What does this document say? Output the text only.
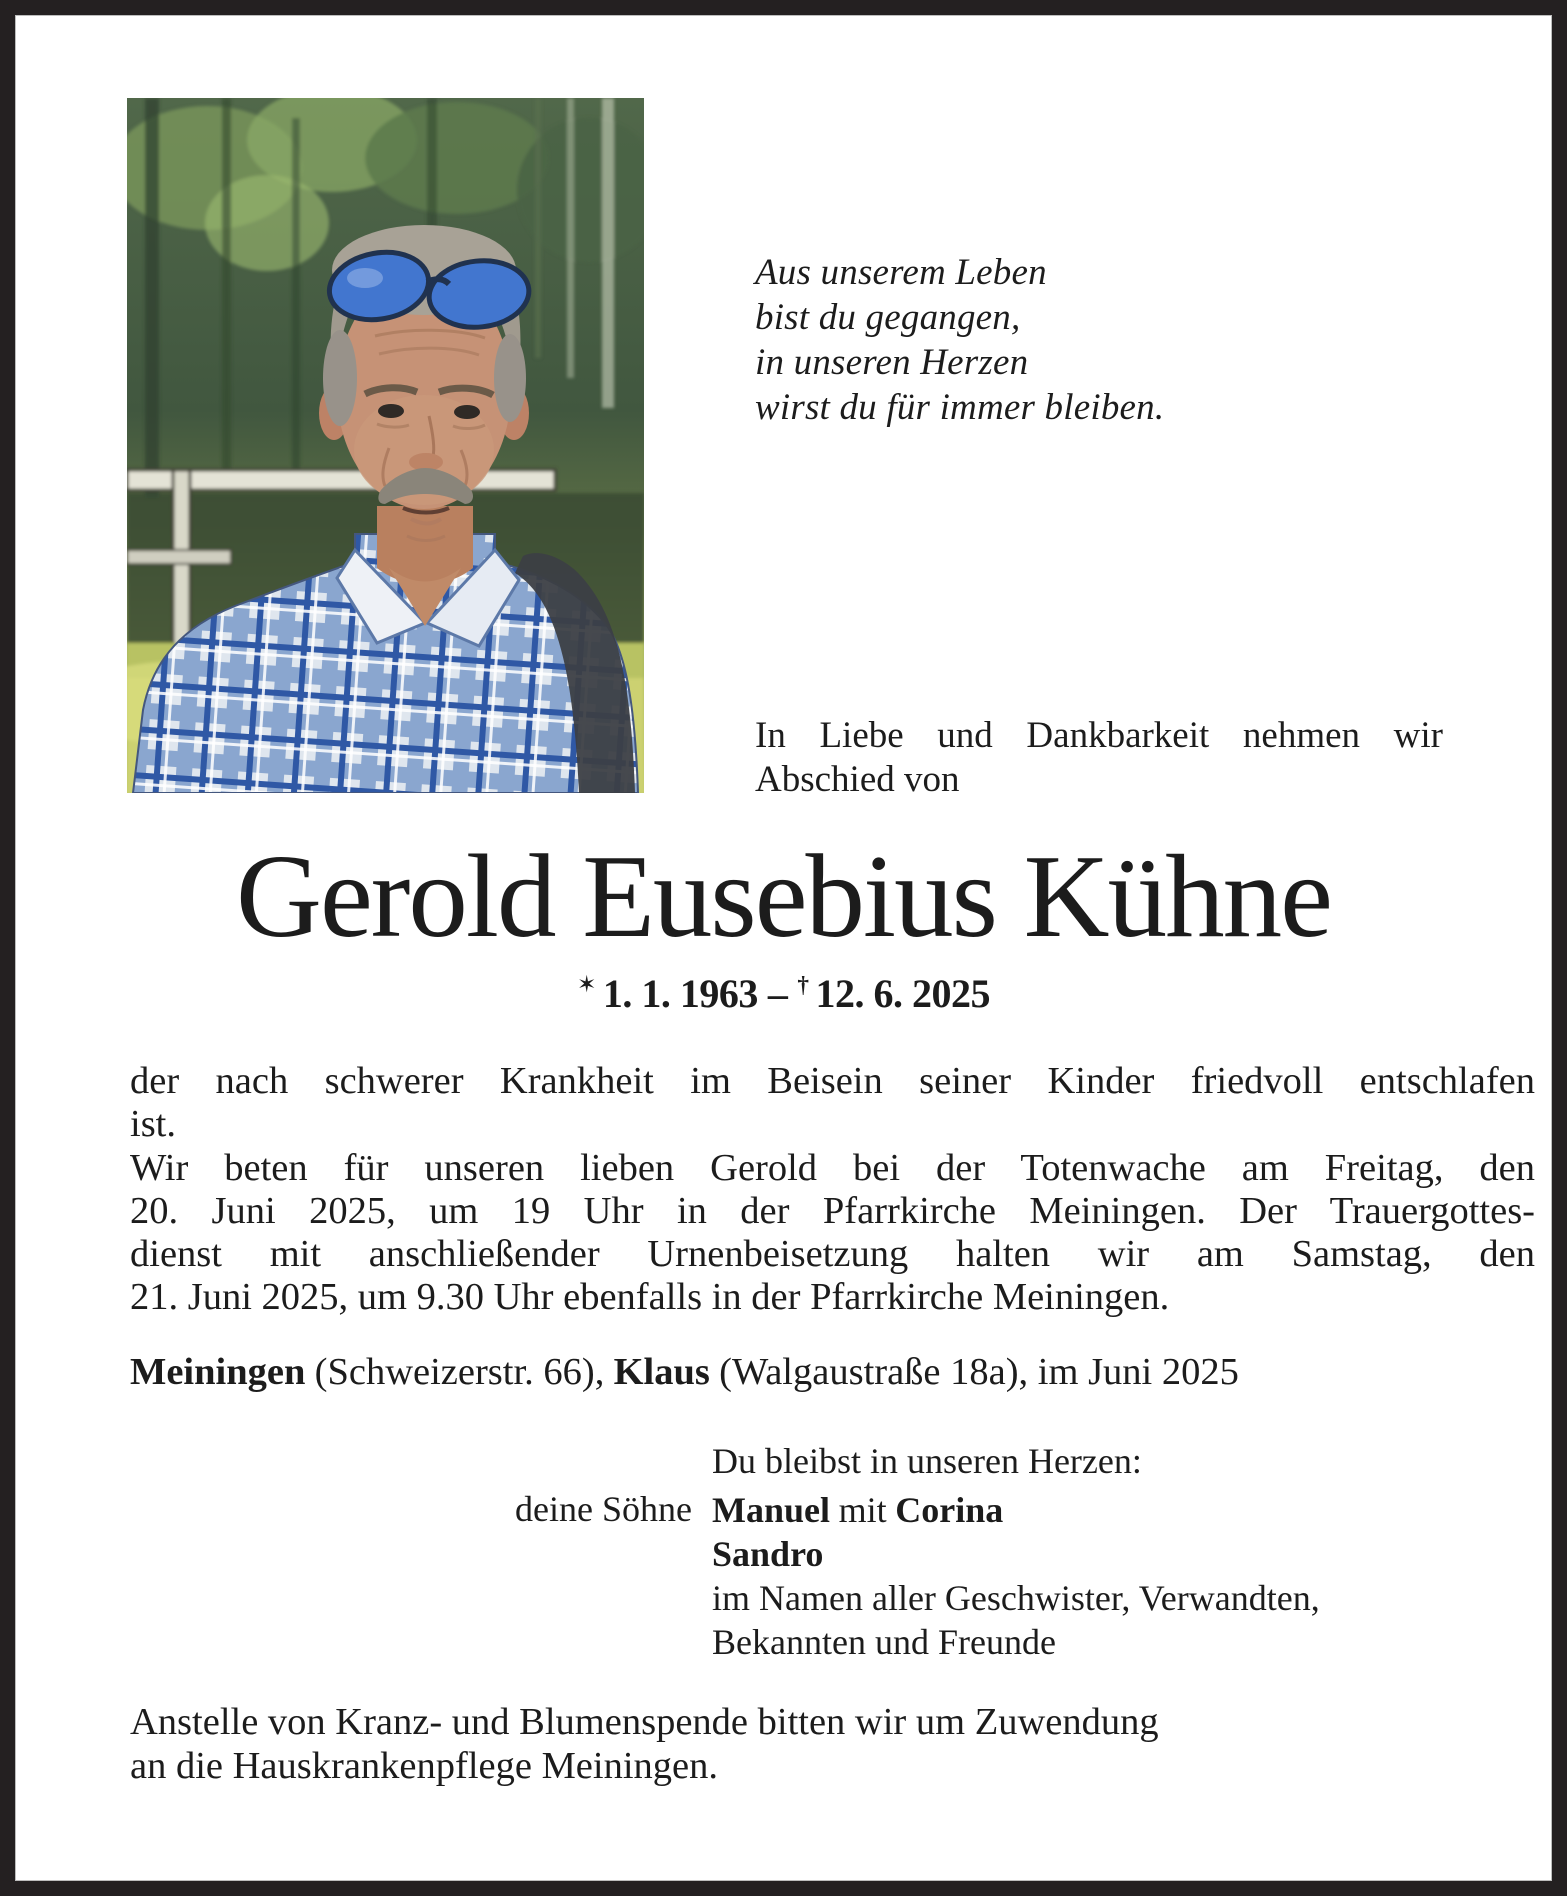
Aus unserem Leben
bist du gegangen,
in unseren Herzen
wirst du für immer bleiben.
In Liebe und Dankbarkeit nehmen wir
Abschied von
Gerold Eusebius Kühne
✶ 1. 1. 1963 – † 12. 6. 2025
der nach schwerer Krankheit im Beisein seiner Kinder friedvoll entschlafen
ist.
Wir beten für unseren lieben Gerold bei der Totenwache am Freitag, den
20. Juni 2025, um 19 Uhr in der Pfarrkirche Meiningen. Der Trauergottes-
dienst mit anschließender Urnenbeisetzung halten wir am Samstag, den
21. Juni 2025, um 9.30 Uhr ebenfalls in der Pfarrkirche Meiningen.
Meiningen (Schweizerstr. 66), Klaus (Walgaustraße 18a), im Juni 2025
Du bleibst in unseren Herzen:
deine Söhne Manuel mit Corina
Sandro
im Namen aller Geschwister, Verwandten,
Bekannten und Freunde
Anstelle von Kranz- und Blumenspende bitten wir um Zuwendung
an die Hauskrankenpflege Meiningen.
